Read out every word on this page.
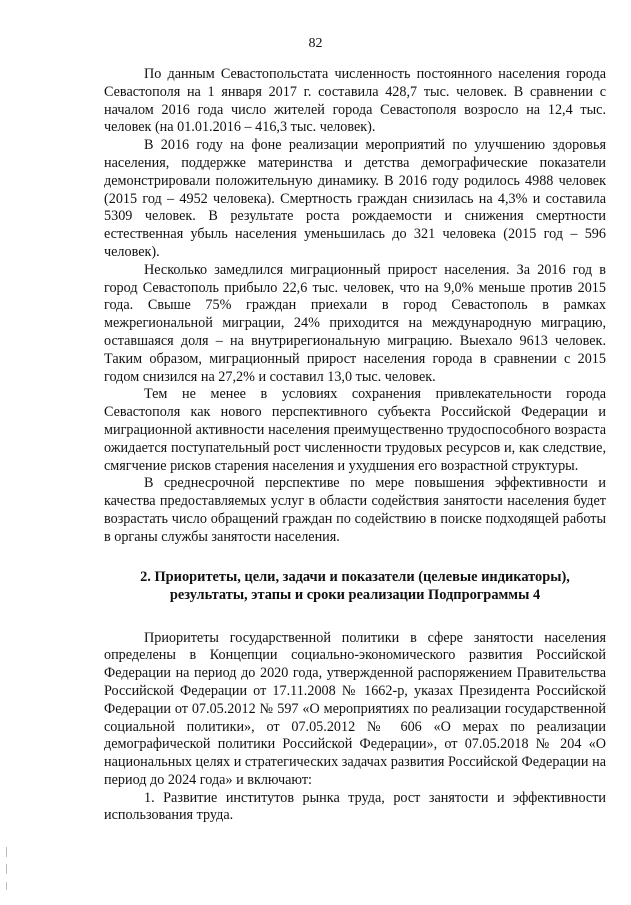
82

По данным Севастопольстата численность постоянного населения города Севастополя на 1 января 2017 г. составила 428,7 тыс. человек. В сравнении с началом 2016 года число жителей города Севастополя возросло на 12,4 тыс. человек (на 01.01.2016 – 416,3 тыс. человек).

В 2016 году на фоне реализации мероприятий по улучшению здоровья населения, поддержке материнства и детства демографические показатели демонстрировали положительную динамику. В 2016 году родилось 4988 человек (2015 год – 4952 человека). Смертность граждан снизилась на 4,3% и составила 5309 человек. В результате роста рождаемости и снижения смертности естественная убыль населения уменьшилась до 321 человека (2015 год – 596 человек).

Несколько замедлился миграционный прирост населения. За 2016 год в город Севастополь прибыло 22,6 тыс. человек, что на 9,0% меньше против 2015 года. Свыше 75% граждан приехали в город Севастополь в рамках межрегиональной миграции, 24% приходится на международную миграцию, оставшаяся доля – на внутрирегиональную миграцию. Выехало 9613 человек. Таким образом, миграционный прирост населения города в сравнении с 2015 годом снизился на 27,2% и составил 13,0 тыс. человек.

Тем не менее в условиях сохранения привлекательности города Севастополя как нового перспективного субъекта Российской Федерации и миграционной активности населения преимущественно трудоспособного возраста ожидается поступательный рост численности трудовых ресурсов и, как следствие, смягчение рисков старения населения и ухудшения его возрастной структуры.

В среднесрочной перспективе по мере повышения эффективности и качества предоставляемых услуг в области содействия занятости населения будет возрастать число обращений граждан по содействию в поиске подходящей работы в органы службы занятости населения.

2. Приоритеты, цели, задачи и показатели (целевые индикаторы),

результаты, этапы и сроки реализации Подпрограммы 4

Приоритеты государственной политики в сфере занятости населения определены в Концепции социально-экономического развития Российской Федерации на период до 2020 года, утвержденной распоряжением Правительства Российской Федерации от 17.11.2008 № 1662-р, указах Президента Российской Федерации от 07.05.2012 № 597 «О мероприятиях по реализации государственной социальной политики», от 07.05.2012 № 606 «О мерах по реализации демографической политики Российской Федерации», от 07.05.2018 № 204 «О национальных целях и стратегических задачах развития Российской Федерации на период до 2024 года» и включают:

1. Развитие институтов рынка труда, рост занятости и эффективности использования труда.
